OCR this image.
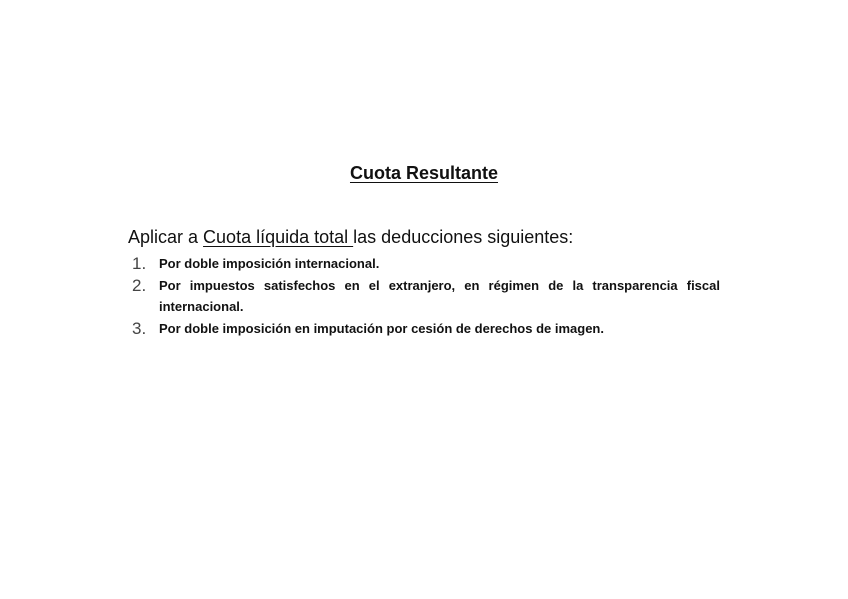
Cuota Resultante
Aplicar a Cuota líquida total las deducciones siguientes:
1. Por doble imposición internacional.
2. Por impuestos satisfechos en el extranjero, en régimen de la transparencia fiscal internacional.
3. Por doble imposición en imputación por cesión de derechos de imagen.
